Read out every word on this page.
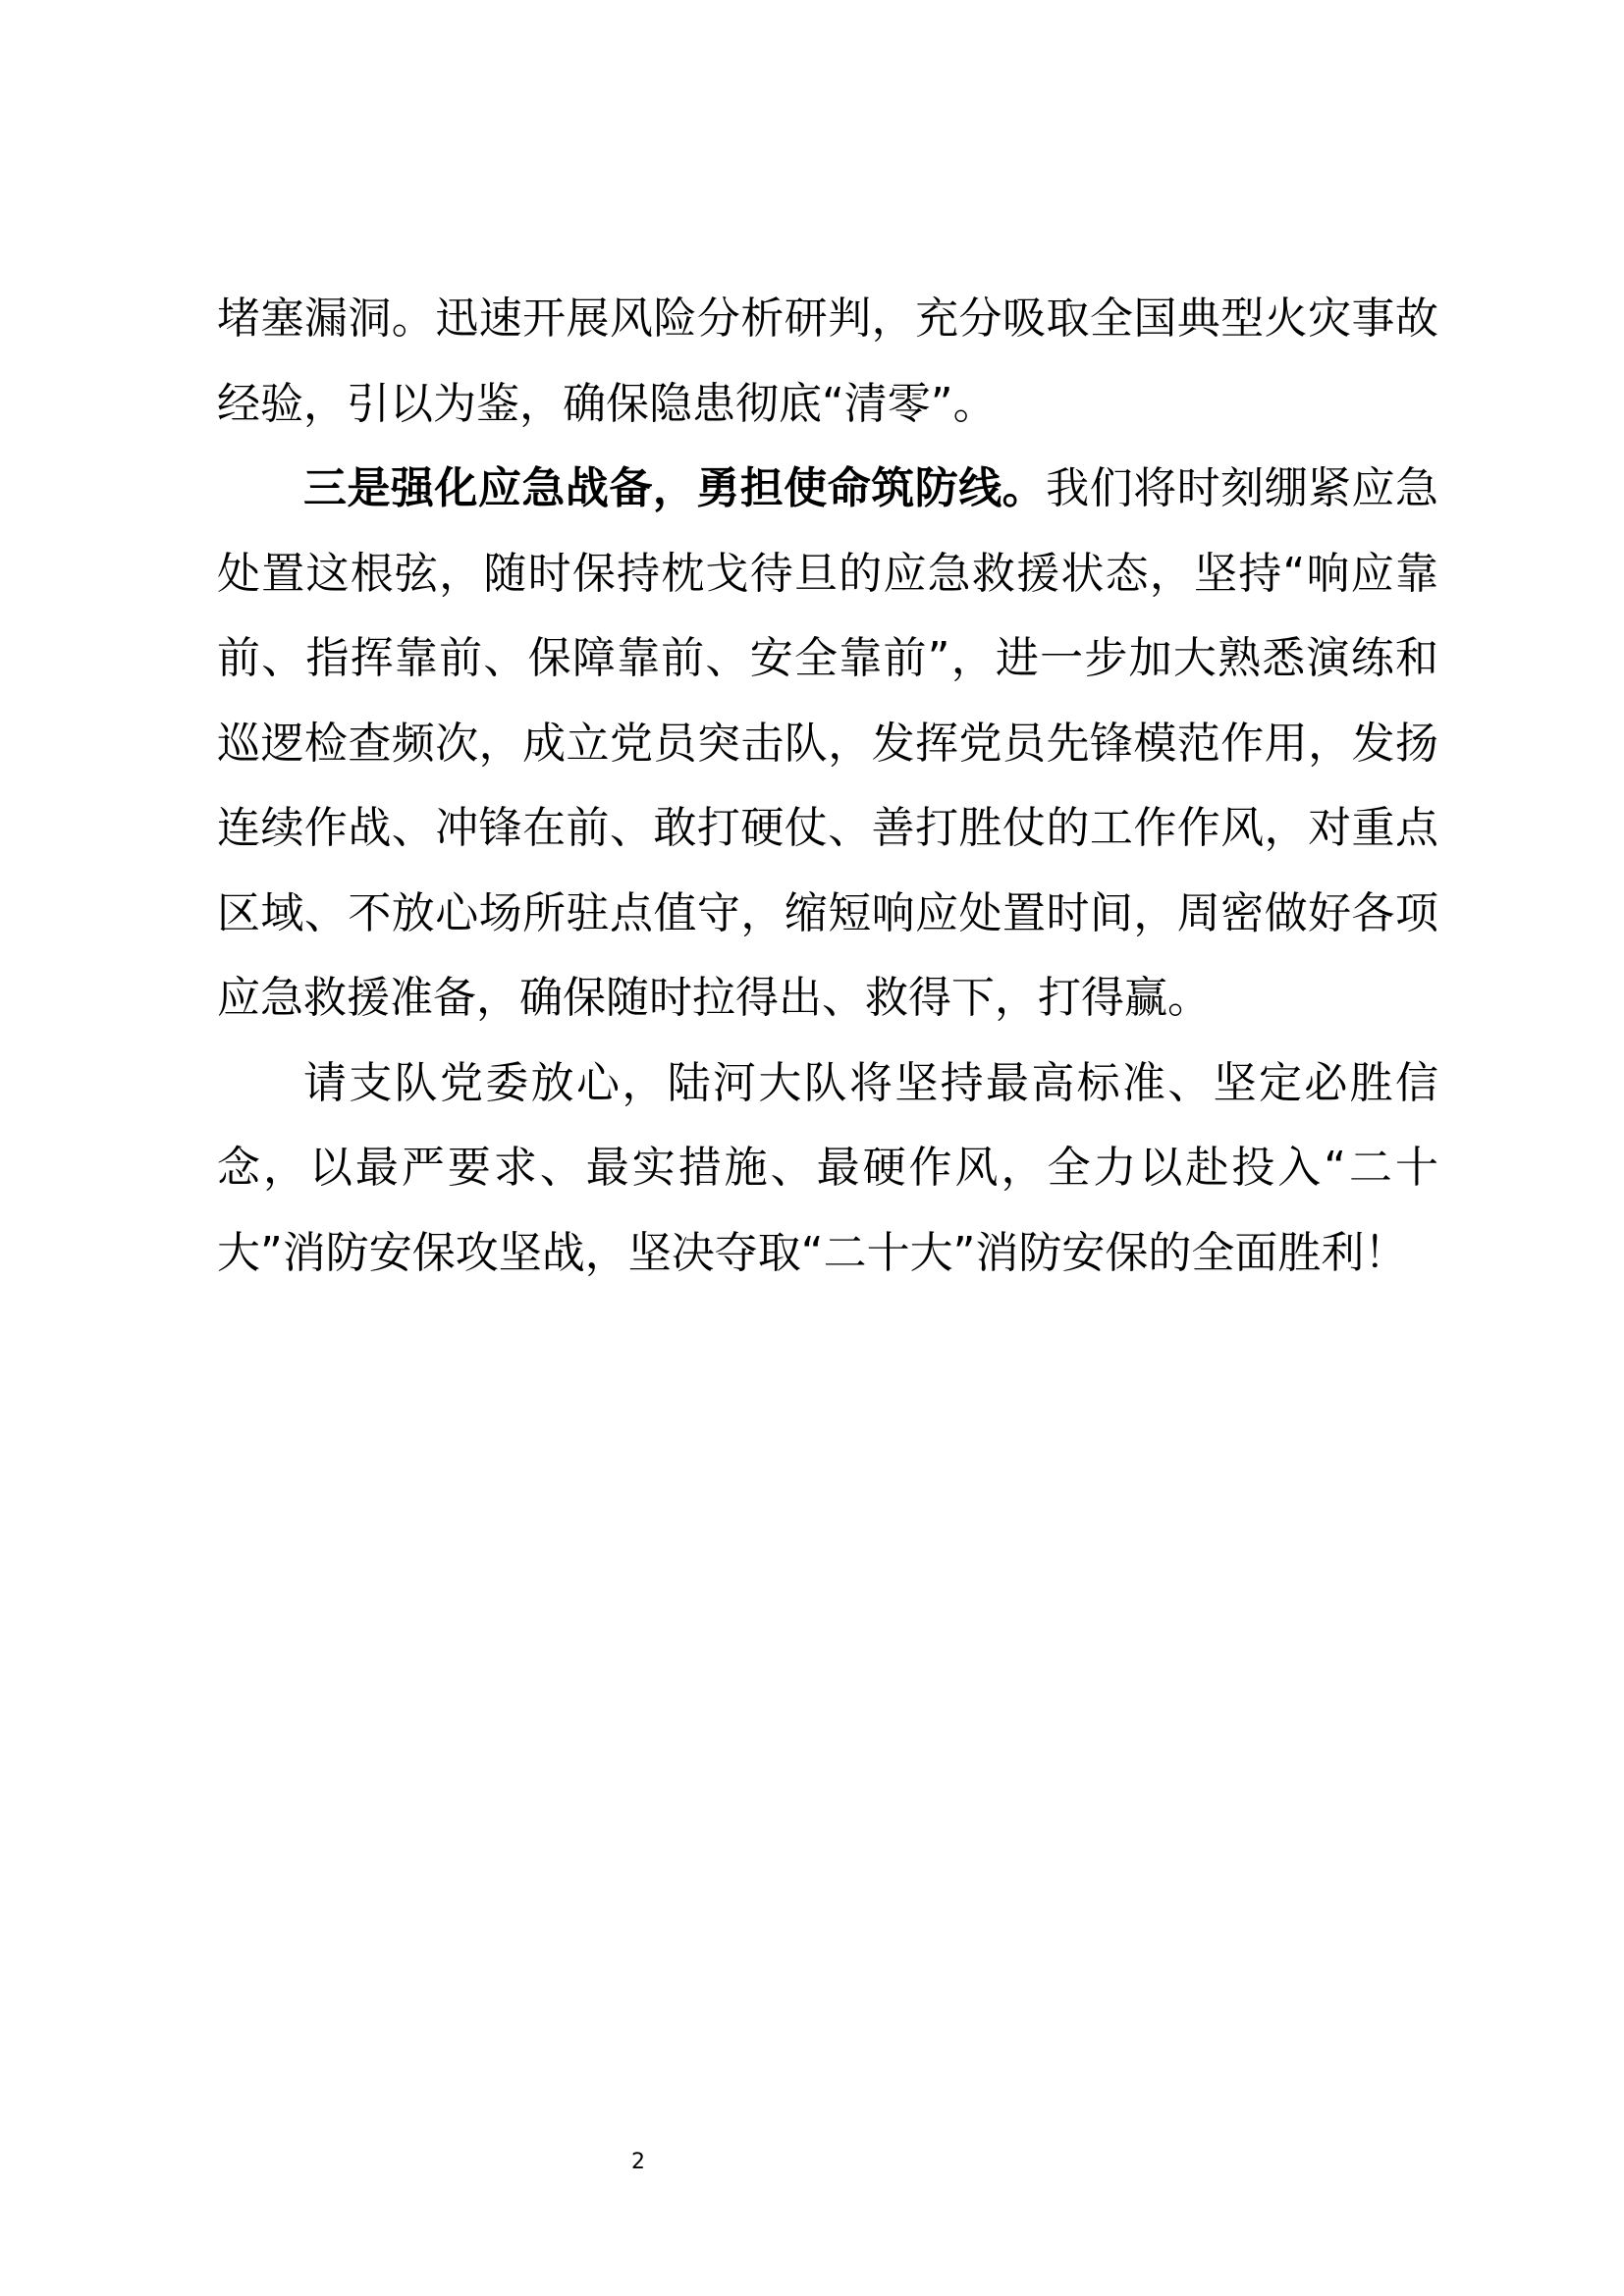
堵塞漏洞。迅速开展风险分析研判，充分吸取全国典型火灾事故经验，引以为鉴，确保隐患彻底“清零”。

三是强化应急战备，勇担使命筑防线。我们将时刻绷紧应急处置这根弦，随时保持枕戈待旦的应急救援状态，坚持“响应靠前、指挥靠前、保障靠前、安全靠前”，进一步加大熟悉演练和巡逻检查频次，成立党员突击队，发挥党员先锋模范作用，发扬连续作战、冲锋在前、敢打硬仗、善打胜仗的工作作风，对重点区域、不放心场所驻点值守，缩短响应处置时间，周密做好各项应急救援准备，确保随时拉得出、救得下，打得赢。

请支队党委放心，陆河大队将坚持最高标准、坚定必胜信念，以最严要求、最实措施、最硬作风，全力以赴投入“二十大”消防安保攻坚战，坚决夺取“二十大”消防安保的全面胜利！

2
